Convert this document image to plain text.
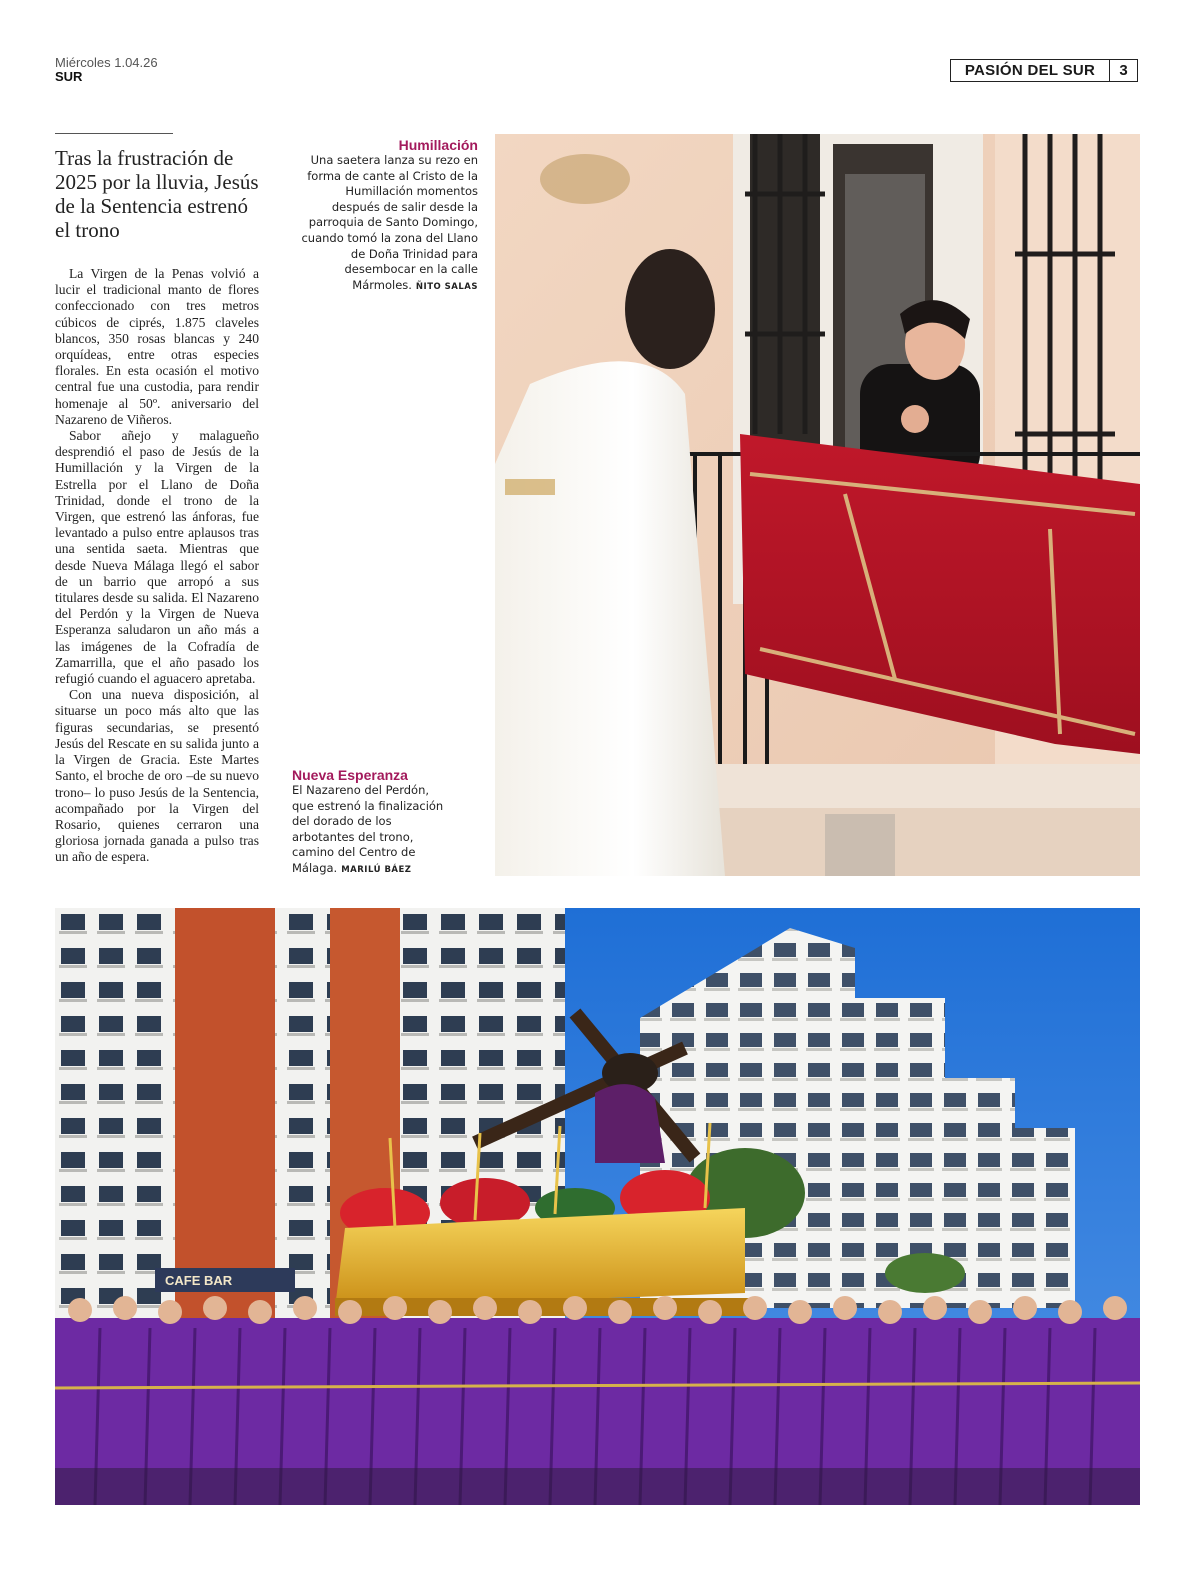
Miércoles 1.04.26
SUR	PASIÓN DEL SUR	3
Tras la frustración de 2025 por la lluvia, Jesús de la Sentencia estrenó el trono

La Virgen de la Penas volvió a lucir el tradicional manto de flores confeccionado con tres metros cúbicos de ciprés, 1.875 claveles blancos, 350 rosas blancas y 240 orquídeas, entre otras especies florales. En esta ocasión el motivo central fue una custodia, para rendir homenaje al 50º. aniversario del Nazareno de Viñeros.

Sabor añejo y malagueño desprendió el paso de Jesús de la Humillación y la Virgen de la Estrella por el Llano de Doña Trinidad, donde el trono de la Virgen, que estrenó las ánforas, fue levantado a pulso entre aplausos tras una sentida saeta. Mientras que desde Nueva Málaga llegó el sabor de un barrio que arropó a sus titulares desde su salida. El Nazareno del Perdón y la Virgen de Nueva Esperanza saludaron un año más a las imágenes de la Cofradía de Zamarrilla, que el año pasado los refugió cuando el aguacero apretaba.

Con una nueva disposición, al situarse un poco más alto que las figuras secundarias, se presentó Jesús del Rescate en su salida junto a la Virgen de Gracia. Este Martes Santo, el broche de oro –de su nuevo trono– lo puso Jesús de la Sentencia, acompañado por la Virgen del Rosario, quienes cerraron una gloriosa jornada ganada a pulso tras un año de espera.

Humillación
Una saetera lanza su rezo en forma de cante al Cristo de la Humillación momentos después de salir desde la parroquia de Santo Domingo, cuando tomó la zona del Llano de Doña Trinidad para desembocar en la calle Mármoles. ÑITO SALAS
Nueva Esperanza
El Nazareno del Perdón, que estrenó la finalización del dorado de los arbotantes del trono, camino del Centro de Málaga. MARILÚ BÁEZ
CAFE BAR
